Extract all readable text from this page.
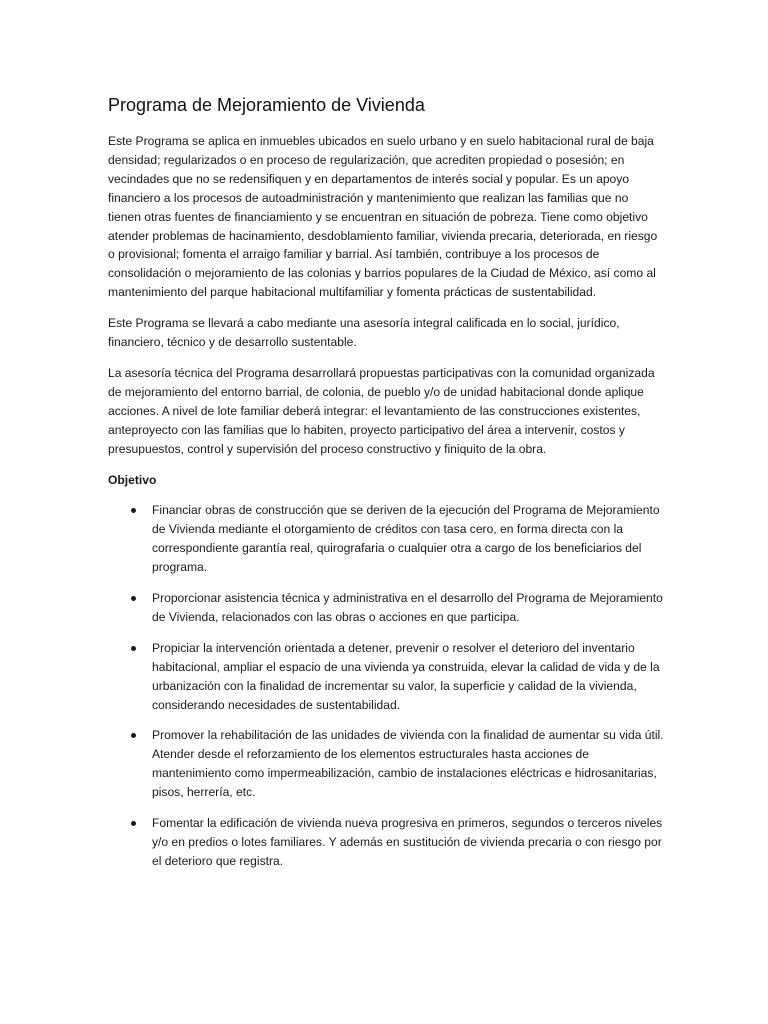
Programa de Mejoramiento de Vivienda

Este Programa se aplica en inmuebles ubicados en suelo urbano y en suelo habitacional rural de baja densidad; regularizados o en proceso de regularización, que acrediten propiedad o posesión; en vecindades que no se redensifiquen y en departamentos de interés social y popular. Es un apoyo financiero a los procesos de autoadministración y mantenimiento que realizan las familias que no tienen otras fuentes de financiamiento y se encuentran en situación de pobreza. Tiene como objetivo atender problemas de hacinamiento, desdoblamiento familiar, vivienda precaria, deteriorada, en riesgo o provisional; fomenta el arraigo familiar y barrial. Así también, contribuye a los procesos de consolidación o mejoramiento de las colonias y barrios populares de la Ciudad de México, así como al mantenimiento del parque habitacional multifamiliar y fomenta prácticas de sustentabilidad.

Este Programa se llevará a cabo mediante una asesoría integral calificada en lo social, jurídico, financiero, técnico y de desarrollo sustentable.

La asesoría técnica del Programa desarrollará propuestas participativas con la comunidad organizada de mejoramiento del entorno barrial, de colonia, de pueblo y/o de unidad habitacional donde aplique acciones. A nivel de lote familiar deberá integrar: el levantamiento de las construcciones existentes, anteproyecto con las familias que lo habiten, proyecto participativo del área a intervenir, costos y presupuestos, control y supervisión del proceso constructivo y finiquito de la obra.

Objetivo
Financiar obras de construcción que se deriven de la ejecución del Programa de Mejoramiento de Vivienda mediante el otorgamiento de créditos con tasa cero, en forma directa con la correspondiente garantía real, quirografaria o cualquier otra a cargo de los beneficiarios del programa.
Proporcionar asistencia técnica y administrativa en el desarrollo del Programa de Mejoramiento de Vivienda, relacionados con las obras o acciones en que participa.
Propiciar la intervención orientada a detener, prevenir o resolver el deterioro del inventario habitacional, ampliar el espacio de una vivienda ya construida, elevar la calidad de vida y de la urbanización con la finalidad de incrementar su valor, la superficie y calidad de la vivienda, considerando necesidades de sustentabilidad.
Promover la rehabilitación de las unidades de vivienda con la finalidad de aumentar su vida útil. Atender desde el reforzamiento de los elementos estructurales hasta acciones de mantenimiento como impermeabilización, cambio de instalaciones eléctricas e hidrosanitarias, pisos, herrería, etc.
Fomentar la edificación de vivienda nueva progresiva en primeros, segundos o terceros niveles y/o en predios o lotes familiares. Y además en sustitución de vivienda precaria o con riesgo por el deterioro que registra.
